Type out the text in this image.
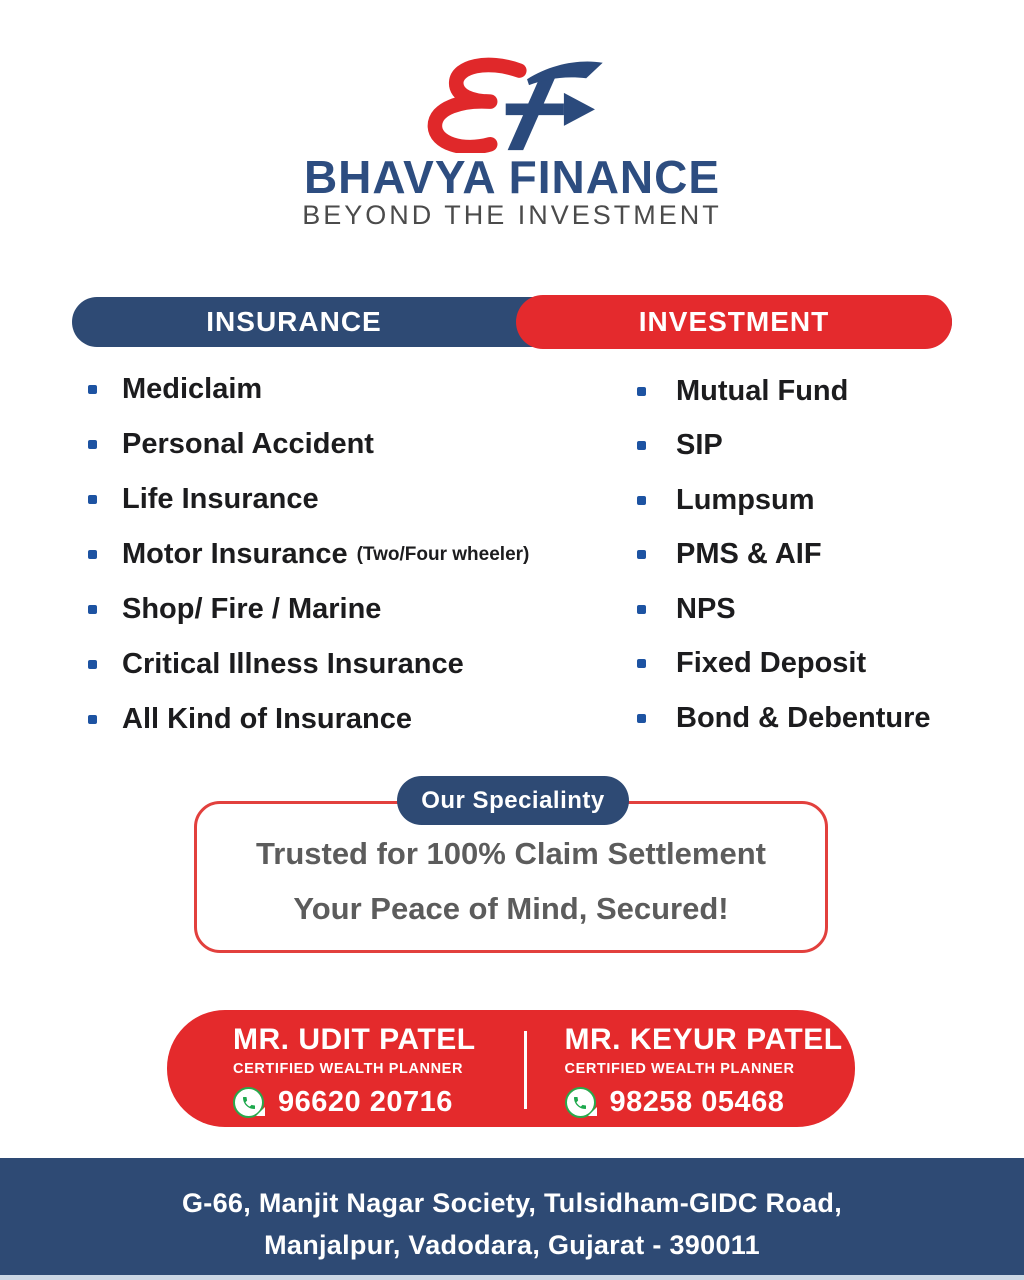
BHAVYA FINANCE
BEYOND THE INVESTMENT
INSURANCE	INVESTMENT
Mediclaim
Personal Accident
Life Insurance
Motor Insurance (Two/Four wheeler)
Shop/ Fire / Marine
Critical Illness Insurance
All Kind of Insurance
Mutual Fund
SIP
Lumpsum
PMS & AIF
NPS
Fixed Deposit
Bond & Debenture
Our Specialinty
Trusted for 100% Claim Settlement
Your Peace of Mind, Secured!
MR. UDIT PATEL
CERTIFIED WEALTH PLANNER
96620 20716
MR. KEYUR PATEL
CERTIFIED WEALTH PLANNER
98258 05468
G-66, Manjit Nagar Society, Tulsidham-GIDC Road,
Manjalpur, Vadodara, Gujarat - 390011
